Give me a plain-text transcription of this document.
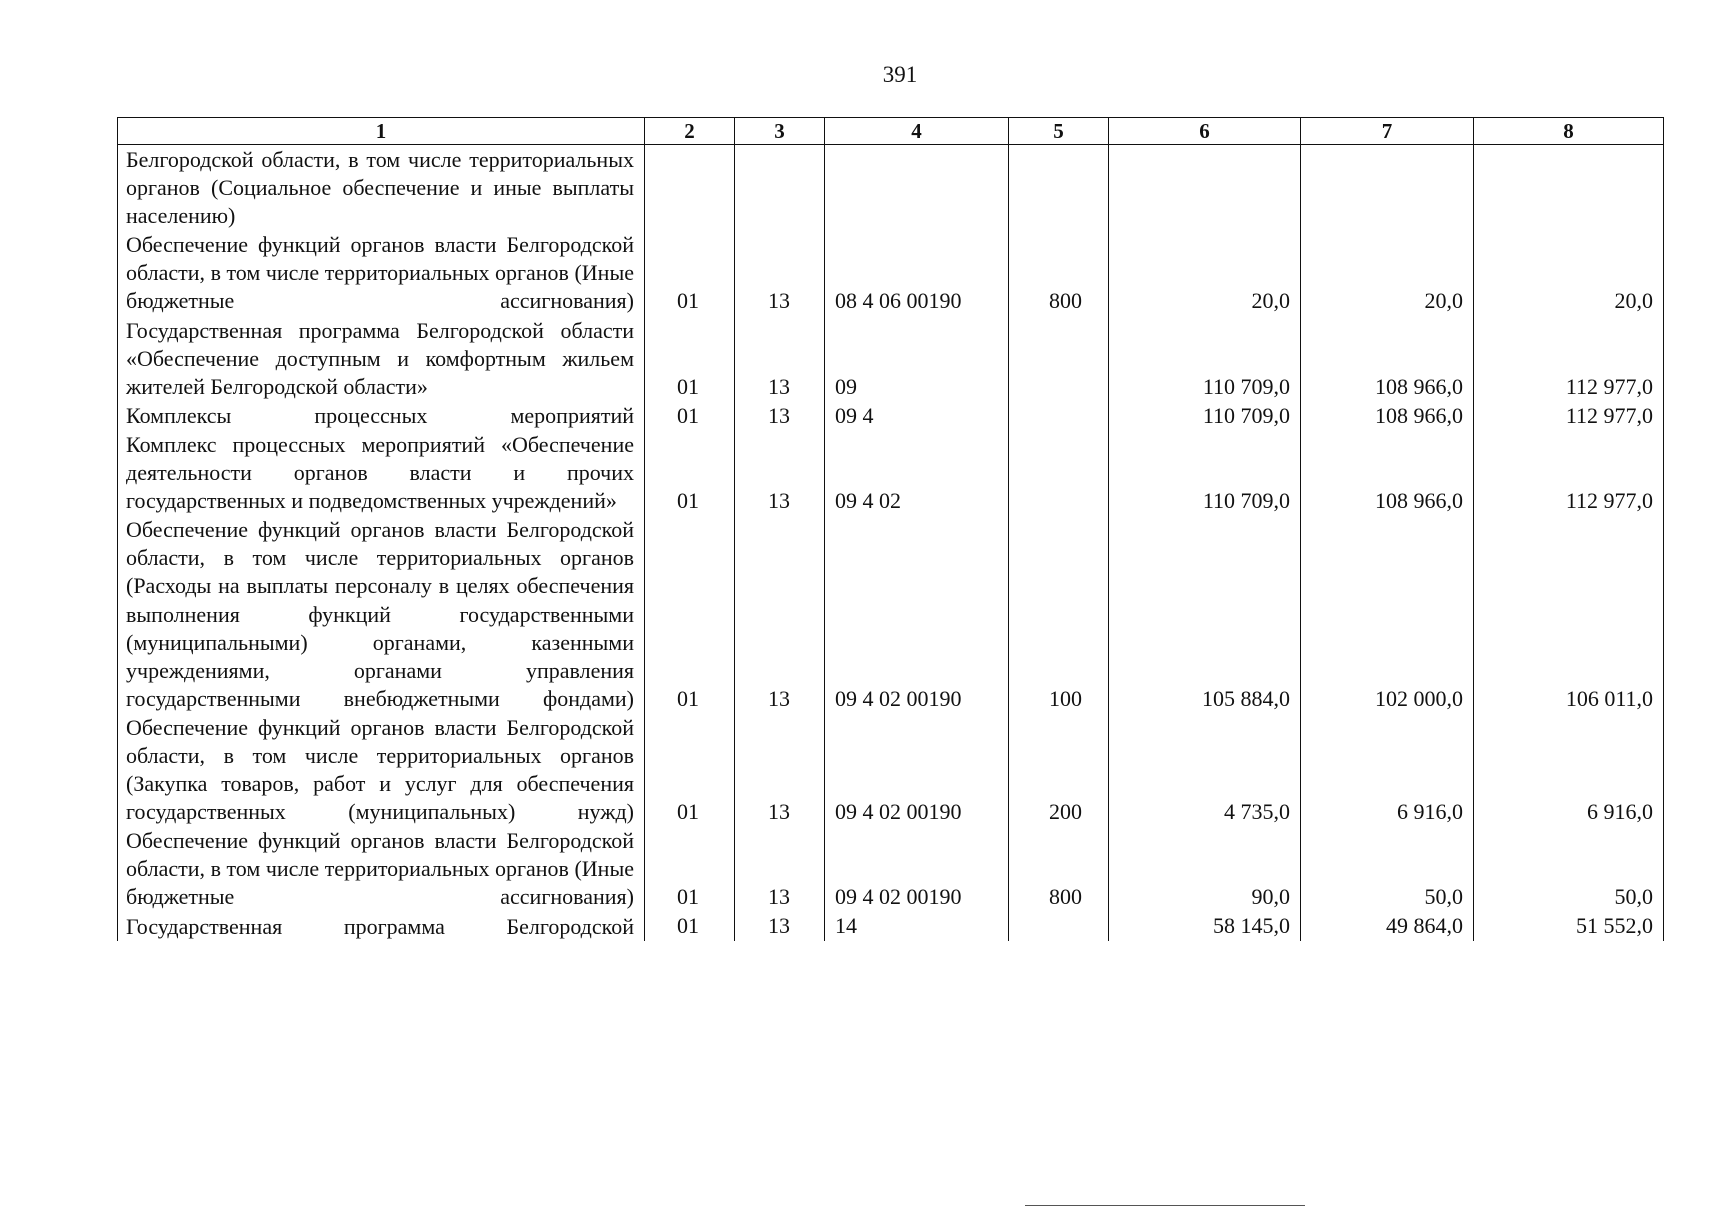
391
1	2	3	4	5	6	7	8
Белгородской области, в том числе территориальных органов (Социальное обеспечение и иные выплаты населению)							
Обеспечение функций органов власти Белгородской области, в том числе территориальных органов (Иные бюджетные ассигнования)	01	13	08 4 06 00190	800	20,0	20,0	20,0
Государственная программа Белгородской области «Обеспечение доступным и комфортным жильем жителей Белгородской области»	01	13	09		110 709,0	108 966,0	112 977,0
Комплексы процессных мероприятий	01	13	09 4		110 709,0	108 966,0	112 977,0
Комплекс процессных мероприятий «Обеспечение деятельности органов власти и прочих государственных и подведомственных учреждений»	01	13	09 4 02		110 709,0	108 966,0	112 977,0
Обеспечение функций органов власти Белгородской области, в том числе территориальных органов (Расходы на выплаты персоналу в целях обеспечения выполнения функций государственными (муниципальными) органами, казенными учреждениями, органами управления государственными внебюджетными фондами)	01	13	09 4 02 00190	100	105 884,0	102 000,0	106 011,0
Обеспечение функций органов власти Белгородской области, в том числе территориальных органов (Закупка товаров, работ и услуг для обеспечения государственных (муниципальных) нужд)	01	13	09 4 02 00190	200	4 735,0	6 916,0	6 916,0
Обеспечение функций органов власти Белгородской области, в том числе территориальных органов (Иные бюджетные ассигнования)	01	13	09 4 02 00190	800	90,0	50,0	50,0
Государственная программа Белгородской	01	13	14		58 145,0	49 864,0	51 552,0
